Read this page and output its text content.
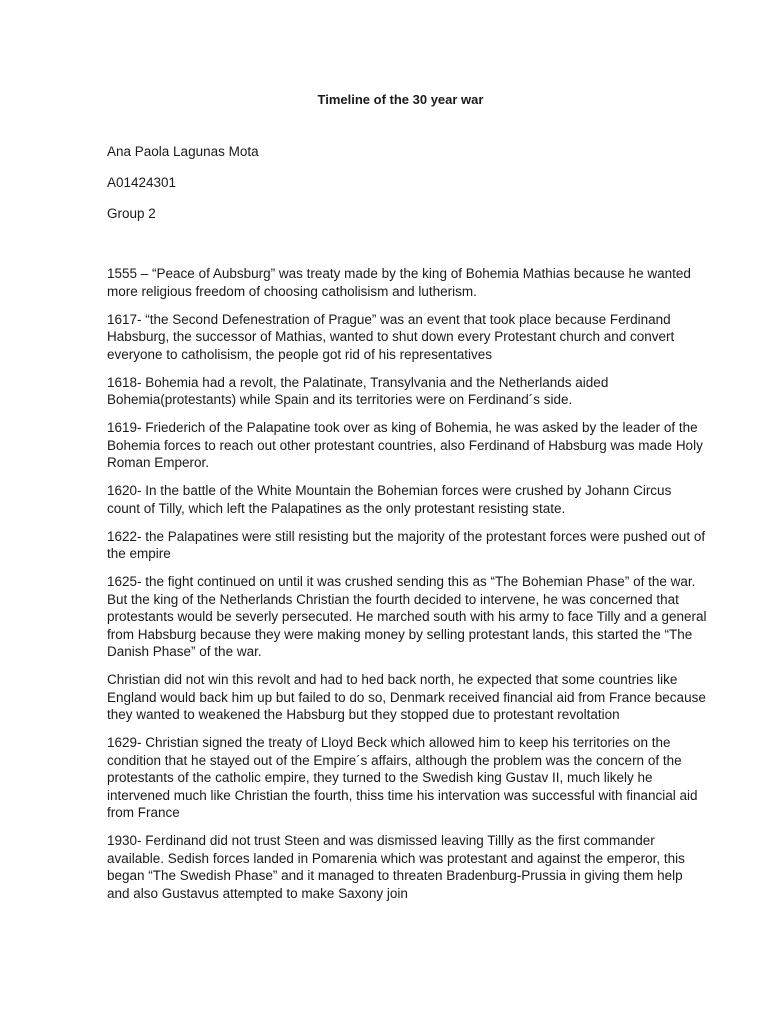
Timeline of the 30 year war

Ana Paola Lagunas Mota

A01424301

Group 2

1555 – “Peace of Aubsburg” was treaty made by the king of Bohemia Mathias because he wanted more religious freedom of choosing catholisism and lutherism.

1617- “the Second Defenestration of Prague” was an event that took place because Ferdinand Habsburg, the successor of Mathias, wanted to shut down every Protestant church and convert everyone to catholisism, the people got rid of his representatives

1618- Bohemia had a revolt, the Palatinate, Transylvania and the Netherlands aided Bohemia(protestants) while Spain and its territories were on Ferdinand´s side.

1619- Friederich of the Palapatine took over as king of Bohemia, he was asked by the leader of the Bohemia forces to reach out other protestant countries, also Ferdinand of Habsburg was made Holy Roman Emperor.

1620- In the battle of the White Mountain the Bohemian forces were crushed by Johann Circus count of Tilly, which left the Palapatines as the only protestant resisting state.

1622- the Palapatines were still resisting but the majority of the protestant forces were pushed out of the empire

1625- the fight continued on until it was crushed sending this as “The Bohemian Phase” of the war. But the king of the Netherlands Christian the fourth decided to intervene, he was concerned that protestants would be severly persecuted. He marched south with his army to face Tilly and a general from Habsburg because they were making money by selling protestant lands, this started the “The Danish Phase” of the war.

Christian did not win this revolt and had to hed back north, he expected that some countries like England would back him up but failed to do so, Denmark received financial aid from France because they wanted to weakened the Habsburg but they stopped due to protestant revoltation

1629- Christian signed the treaty of Lloyd Beck which allowed him to keep his territories on the condition that he stayed out of the Empire´s affairs, although the problem was the concern of the protestants of the catholic empire, they turned to the Swedish king Gustav II, much likely he intervened much like Christian the fourth, thiss time his intervation was successful with financial aid from France

1930- Ferdinand did not trust Steen and was dismissed leaving Tillly as the first commander available. Sedish forces landed in Pomarenia which was protestant and against the emperor, this began “The Swedish Phase” and it managed to threaten Bradenburg-Prussia in giving them help and also Gustavus attempted to make Saxony join
